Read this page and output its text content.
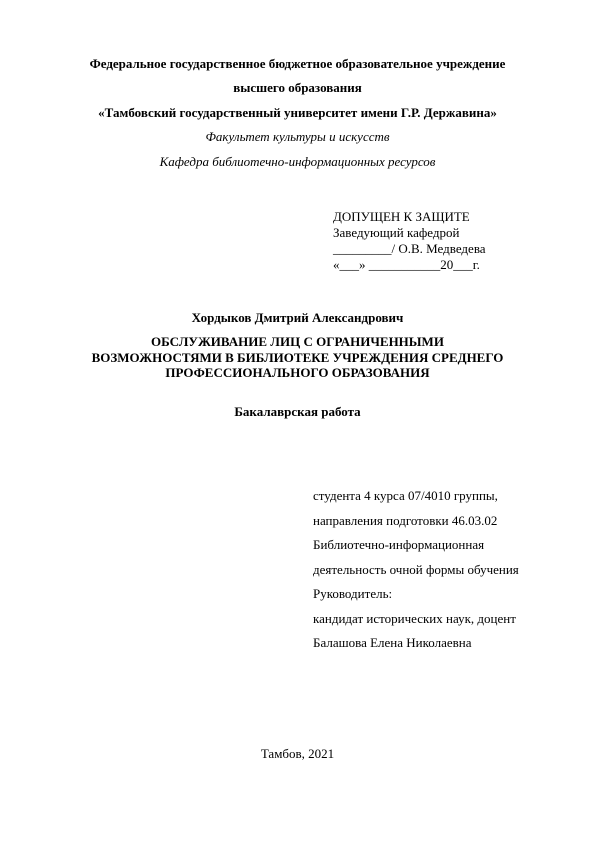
Федеральное государственное бюджетное образовательное учреждение
высшего образования
«Тамбовский государственный университет имени Г.Р. Державина»
Факультет культуры и искусств
Кафедра библиотечно-информационных ресурсов
ДОПУЩЕН К ЗАЩИТЕ
Заведующий кафедрой
_________/ О.В. Медведева
«___» ___________20___г.
Хордыков Дмитрий Александрович
ОБСЛУЖИВАНИЕ ЛИЦ С ОГРАНИЧЕННЫМИ
ВОЗМОЖНОСТЯМИ В БИБЛИОТЕКЕ УЧРЕЖДЕНИЯ СРЕДНЕГО
ПРОФЕССИОНАЛЬНОГО ОБРАЗОВАНИЯ
Бакалаврская работа
студента 4 курса 07/4010 группы,
направления подготовки 46.03.02
Библиотечно-информационная
деятельность очной формы обучения
Руководитель:
кандидат исторических наук, доцент
Балашова Елена Николаевна
Тамбов, 2021
